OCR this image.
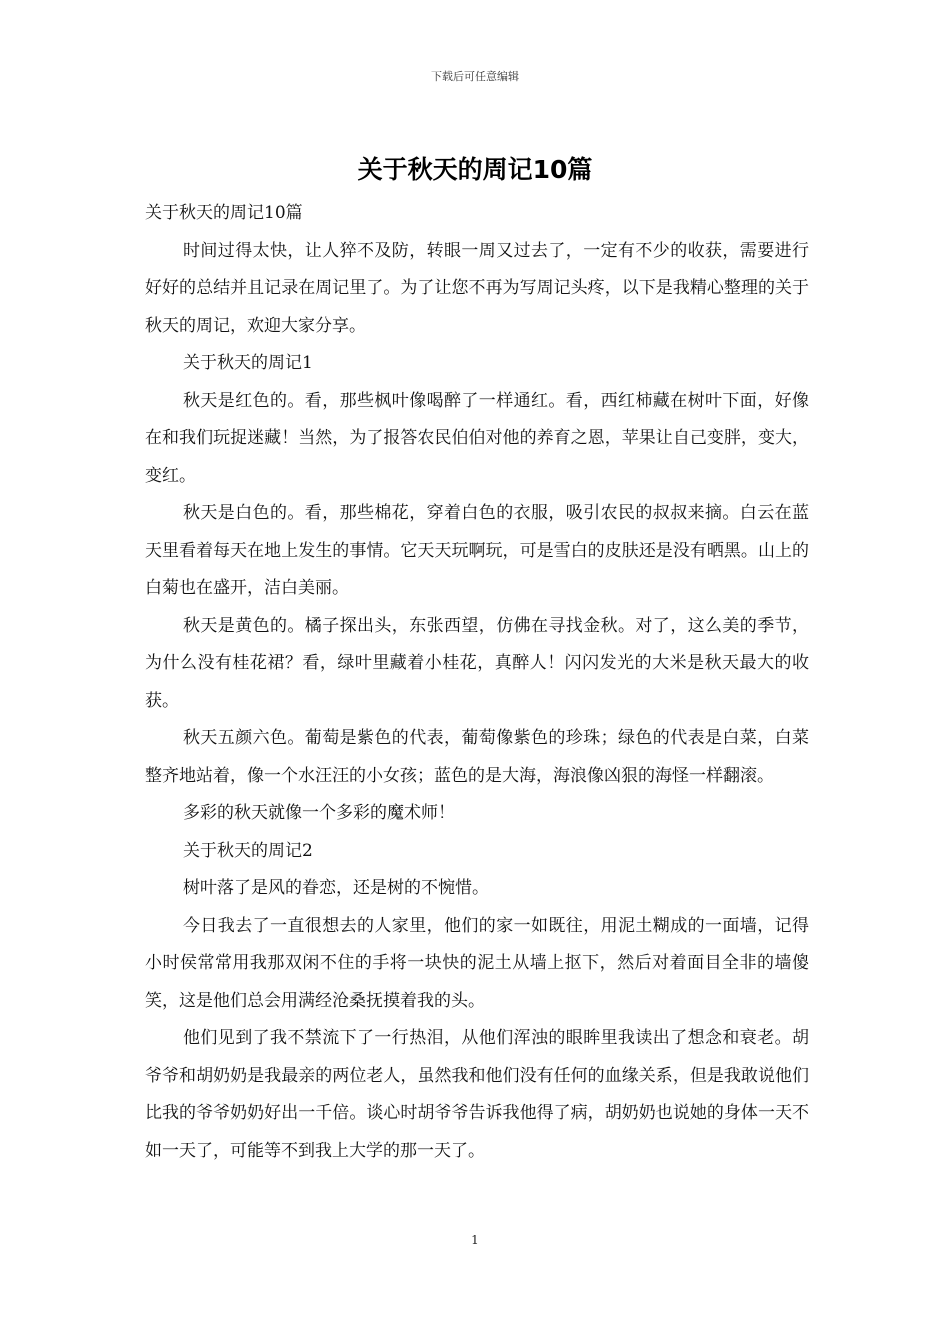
下载后可任意编辑
关于秋天的周记10篇

关于秋天的周记10篇

时间过得太快，让人猝不及防，转眼一周又过去了，一定有不少的收获，需要进行好好的总结并且记录在周记里了。为了让您不再为写周记头疼，以下是我精心整理的关于秋天的周记，欢迎大家分享。

关于秋天的周记1

秋天是红色的。看，那些枫叶像喝醉了一样通红。看，西红柿藏在树叶下面，好像在和我们玩捉迷藏！当然，为了报答农民伯伯对他的养育之恩，苹果让自己变胖，变大，变红。

秋天是白色的。看，那些棉花，穿着白色的衣服，吸引农民的叔叔来摘。白云在蓝天里看着每天在地上发生的事情。它天天玩啊玩，可是雪白的皮肤还是没有晒黑。山上的白菊也在盛开，洁白美丽。

秋天是黄色的。橘子探出头，东张西望，仿佛在寻找金秋。对了，这么美的季节，为什么没有桂花裙？看，绿叶里藏着小桂花，真醉人！闪闪发光的大米是秋天最大的收获。

秋天五颜六色。葡萄是紫色的代表，葡萄像紫色的珍珠；绿色的代表是白菜，白菜整齐地站着，像一个水汪汪的小女孩；蓝色的是大海，海浪像凶狠的海怪一样翻滚。

多彩的秋天就像一个多彩的魔术师！

关于秋天的周记2

树叶落了是风的眷恋，还是树的不惋惜。

今日我去了一直很想去的人家里，他们的家一如既往，用泥土糊成的一面墙，记得小时侯常常用我那双闲不住的手将一块快的泥土从墙上抠下，然后对着面目全非的墙傻笑，这是他们总会用满经沧桑抚摸着我的头。

他们见到了我不禁流下了一行热泪，从他们浑浊的眼眸里我读出了想念和衰老。胡爷爷和胡奶奶是我最亲的两位老人，虽然我和他们没有任何的血缘关系，但是我敢说他们比我的爷爷奶奶好出一千倍。谈心时胡爷爷告诉我他得了病，胡奶奶也说她的身体一天不如一天了，可能等不到我上大学的那一天了。

1
